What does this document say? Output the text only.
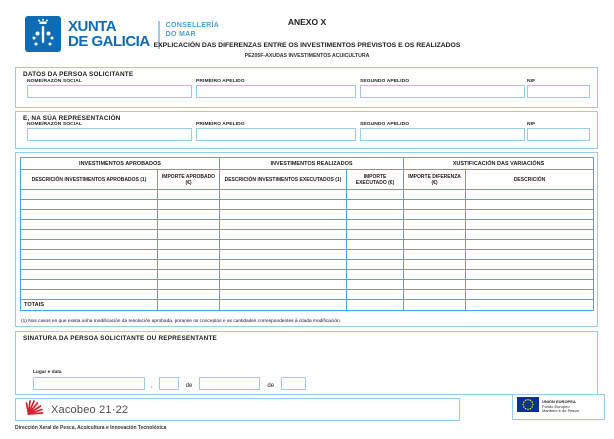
XUNTA
DE GALICIA
CONSELLERÍA
DO MAR
ANEXO X
EXPLICACIÓN DAS DIFERENZAS ENTRE OS INVESTIMENTOS PREVISTOS E OS REALIZADOS
PE205F-AXUDAS INVESTIMENTOS ACUICULTURA
DATOS DA PERSOA SOLICITANTE
NOME/RAZÓN SOCIAL	PRIMEIRO APELIDO	SEGUNDO APELIDO	NIF
E, NA SÚA REPRESENTACIÓN
NOME/RAZÓN SOCIAL	PRIMEIRO APELIDO	SEGUNDO APELIDO	NIF
INVESTIMENTOS APROBADOS		INVESTIMENTOS REALIZADOS		XUSTIFICACIÓN DAS VARIACIÓNS	
DESCRICIÓN INVESTIMENTOS APROBADOS (1)	IMPORTE APROBADO (€)	DESCRICIÓN INVESTIMENTOS EXECUTADOS (1)	IMPORTE EXECUTADO (€)	IMPORTE DIFERENZA (€)	DESCRICIÓN

TOTAIS					
(1) Nos casos en que exista unha modificación da resolución aprobada, poranse os conceptos e as cantidades correspondentes á citada modificación.
SINATURA DA PERSOA SOLICITANTE OU REPRESENTANTE
Lugar e data
,	de	de
Xacobeo 21·22
UNIÓN EUROPEA
Fondo Europeo
Marítimo e de Pesca
Dirección Xeral de Pesca, Acuicultura e Innovación Tecnolóxica
